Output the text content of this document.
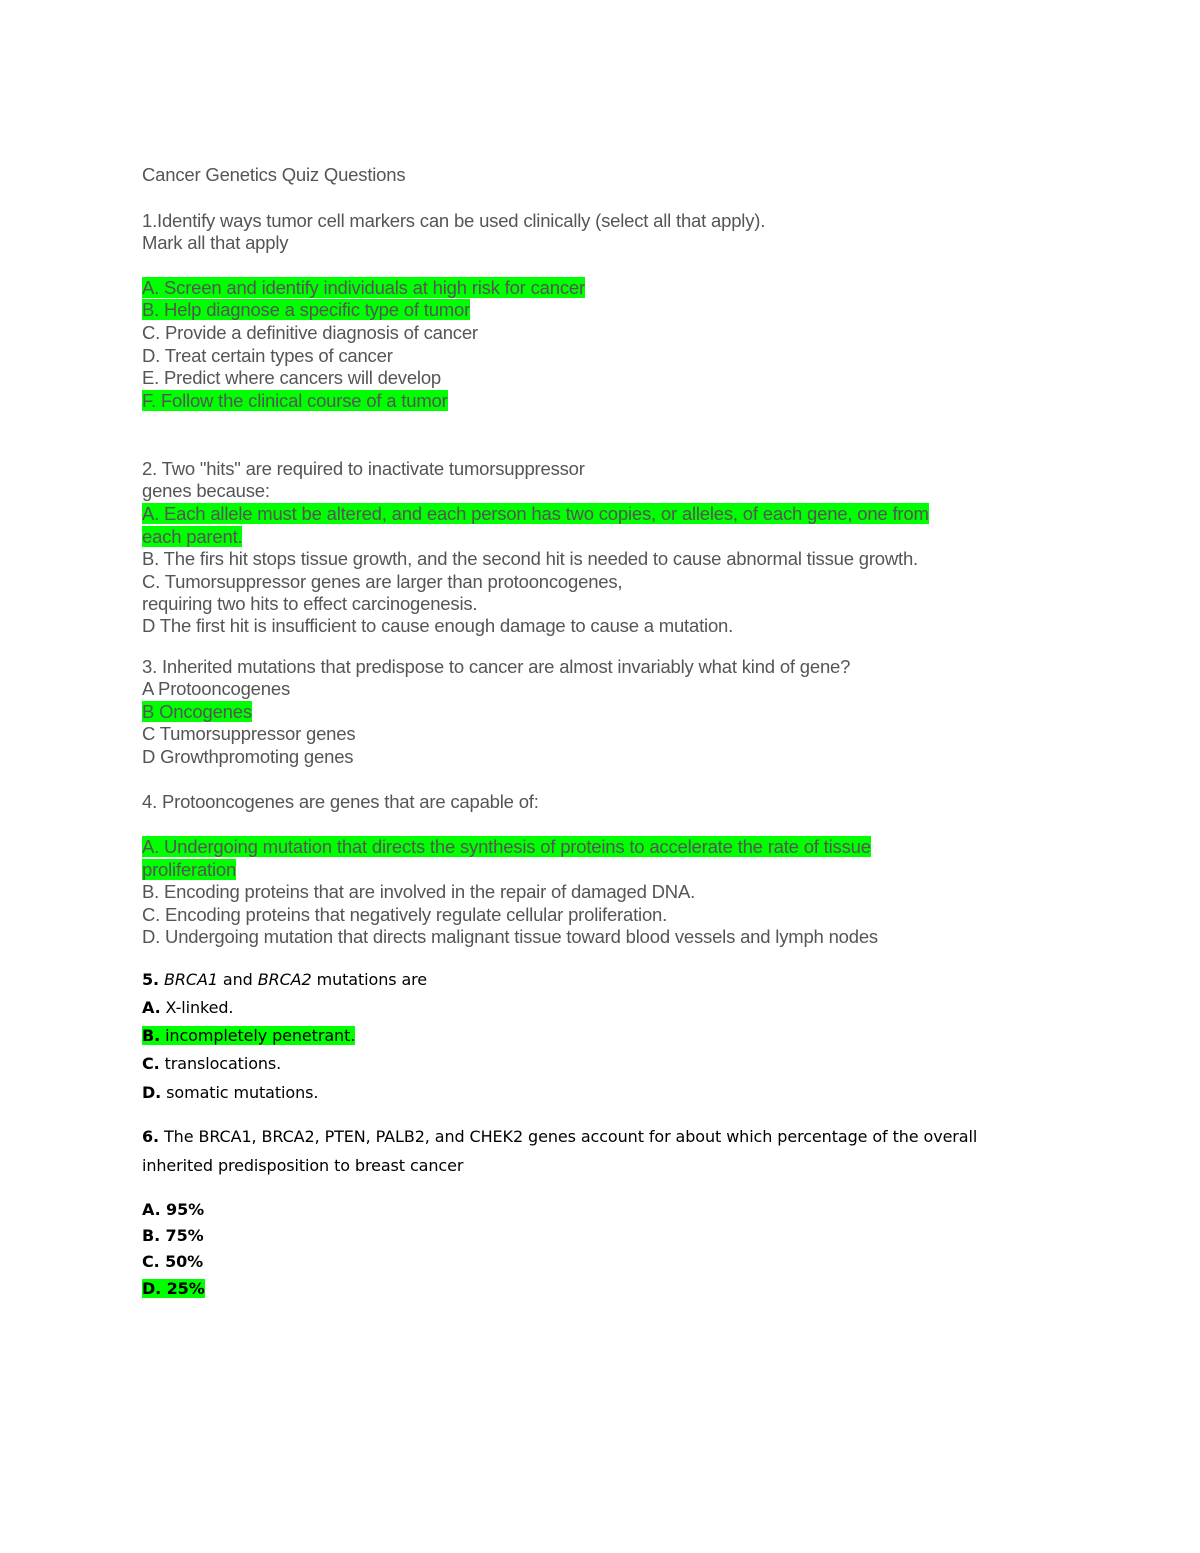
Cancer Genetics Quiz Questions
1.Identify ways tumor cell markers can be used clinically (select all that apply).
Mark all that apply
A. Screen and identify individuals at high risk for cancer
B. Help diagnose a specific type of tumor
C. Provide a definitive diagnosis of cancer
D. Treat certain types of cancer
E. Predict where cancers will develop
F. Follow the clinical course of a tumor
2. Two "hits" are required to inactivate tumorsuppressor
genes because:
A. Each allele must be altered, and each person has two copies, or alleles, of each gene, one from
each parent.
B. The firs hit stops tissue growth, and the second hit is needed to cause abnormal tissue growth.
C. Tumorsuppressor genes are larger than protooncogenes,
requiring two hits to effect carcinogenesis.
D The first hit is insufficient to cause enough damage to cause a mutation.
3. Inherited mutations that predispose to cancer are almost invariably what kind of gene?
A Protooncogenes
B Oncogenes
C Tumorsuppressor genes
D Growthpromoting genes
4. Protooncogenes are genes that are capable of:
A. Undergoing mutation that directs the synthesis of proteins to accelerate the rate of tissue
proliferation
B. Encoding proteins that are involved in the repair of damaged DNA.
C. Encoding proteins that negatively regulate cellular proliferation.
D. Undergoing mutation that directs malignant tissue toward blood vessels and lymph nodes
5. BRCA1 and BRCA2 mutations are
A. X-linked.
B. incompletely penetrant.
C. translocations.
D. somatic mutations.
6. The BRCA1, BRCA2, PTEN, PALB2, and CHEK2 genes account for about which percentage of the overall
inherited predisposition to breast cancer
A. 95%
B. 75%
C. 50%
D. 25%
